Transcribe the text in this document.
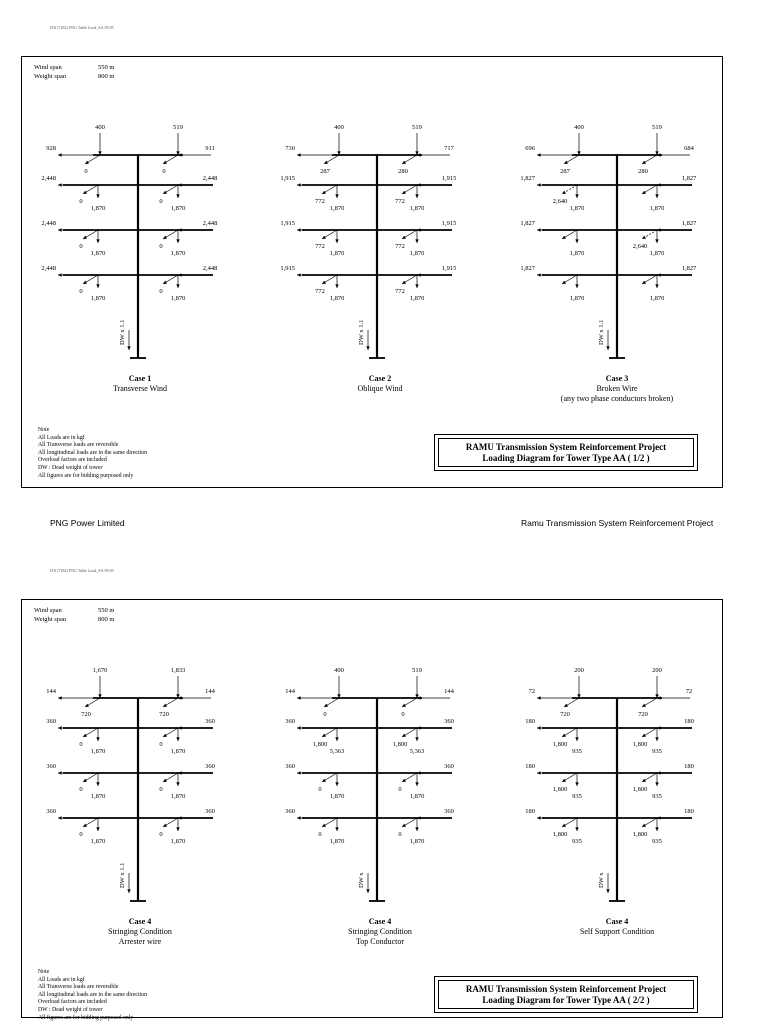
D/S (7282) PNG Table Load_AA.99.05
Wind span	550 m
Weight span	800 m
400	519
928	911
0	0
2,448	2,448
0
1,870
0
1,870
2,448	2,448
0
1,870
0
1,870
2,448	2,448
0
1,870
0
1,870
DW x 1.1
400	519
730	717
287	280
1,915	1,915
772
1,870
772
1,870
1,915	1,915
772
1,870
772
1,870
1,915	1,915
772
1,870
772
1,870
DW x 1.1
400	519
696	684
287	280
1,827	1,827
2,640
1,870	1,870
1,827	1,827
1,870
2,640
1,870
1,827	1,827
1,870	1,870
DW x 1.1
Case 1
Transverse Wind
Case 2
Oblique Wind
Case 3
Broken Wire
(any two phase conductors broken)
Note
All Loads are in kgf
All Transverse loads are reversible
All longitudinal loads are in the same direction
Overload factors are included
DW : Dead weight of tower
All figures are for bidding purposed only
RAMU Transmission System Reinforcement Project
Loading Diagram for Tower Type AA ( 1/2 )
PNG Power Limited	Ramu Transmission System Reinforcement Project
D/S (7282) PNG Table Load_AA.99.05
Wind span	550 m
Weight span	800 m
1,670	1,833
144	144
720	720
360	360
0
1,870
0
1,870
360	360
0
1,870
0
1,870
360	360
0
1,870
0
1,870
DW x 1.1
400	519
144	144
0	0
360	360
1,800
5,363
1,800
5,363
360	360
0
1,870
0
1,870
360	360
0
1,870
0
1,870
DW x
200	200
72	72
720	720
180	180
1,800
935
1,800
935
180	180
1,800
935
1,800
935
180	180
1,800
935
1,800
935
DW x
Case 4
Stringing Condition
Arrester wire
Case 4
Stringing Condition
Top Conductor
Case 4
Self Support Condition
Note
All Loads are in kgf
All Transverse loads are reversible
All longitudinal loads are in the same direction
Overload factors are included
DW : Dead weight of tower
All figures are for bidding purposed only
RAMU Transmission System Reinforcement Project
Loading Diagram for Tower Type AA ( 2/2 )
